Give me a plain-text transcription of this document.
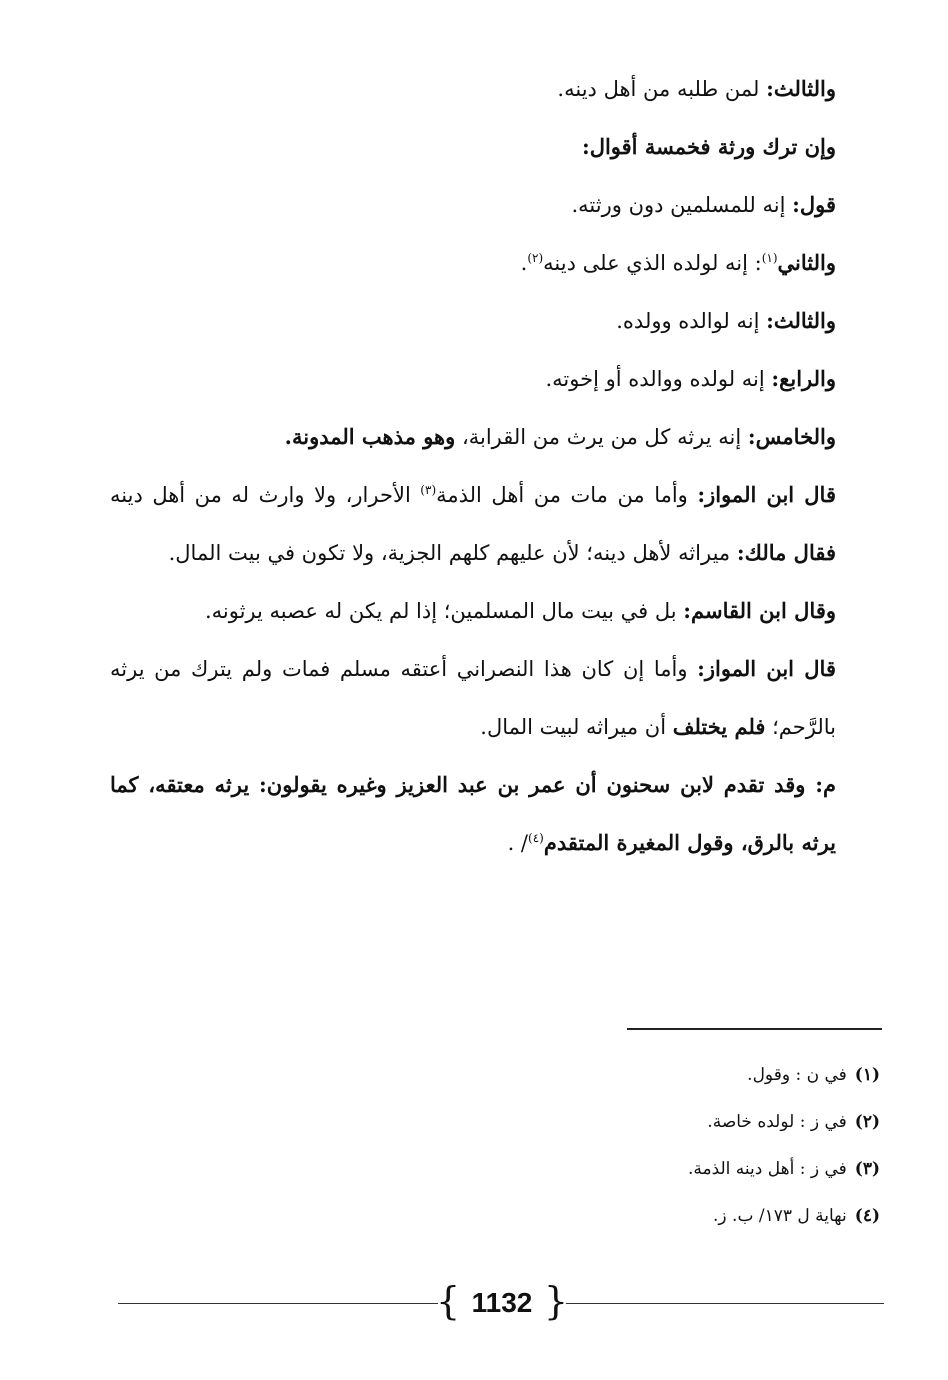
والثالث: لمن طلبه من أهل دينه.

وإن ترك ورثة فخمسة أقوال:

قول: إنه للمسلمين دون ورثته.

والثاني$^{(١)}$: إنه لولده الذي على دينه$^{(٢)}$.

والثالث: إنه لوالده وولده.

والرابع: إنه لولده ووالده أو إخوته.

والخامس: إنه يرثه كل من يرث من القرابة، وهو مذهب المدونة.

قال ابن المواز: وأما من مات من أهل الذمة$^{(٣)}$ الأحرار، ولا وارث له من أهل دينه فقال مالك: ميراثه لأهل دينه؛ لأن عليهم كلهم الجزية، ولا تكون في بيت المال.

وقال ابن القاسم: بل في بيت مال المسلمين؛ إذا لم يكن له عصبه يرثونه.

قال ابن المواز: وأما إن كان هذا النصراني أعتقه مسلم فمات ولم يترك من يرثه بالرَّحم؛ فلم يختلف أن ميراثه لبيت المال.

م: وقد تقدم لابن سحنون أن عمر بن عبد العزيز وغيره يقولون: يرثه معتقه، كما يرثه بالرق، وقول المغيرة المتقدم$^{(٤)}$/ .

(١)في ن : وقول.

(٢)في ز : لولده خاصة.

(٣)في ز : أهل دينه الذمة.

(٤)نهاية ل ١٧٣/ ب. ز.

{ 1132 }
